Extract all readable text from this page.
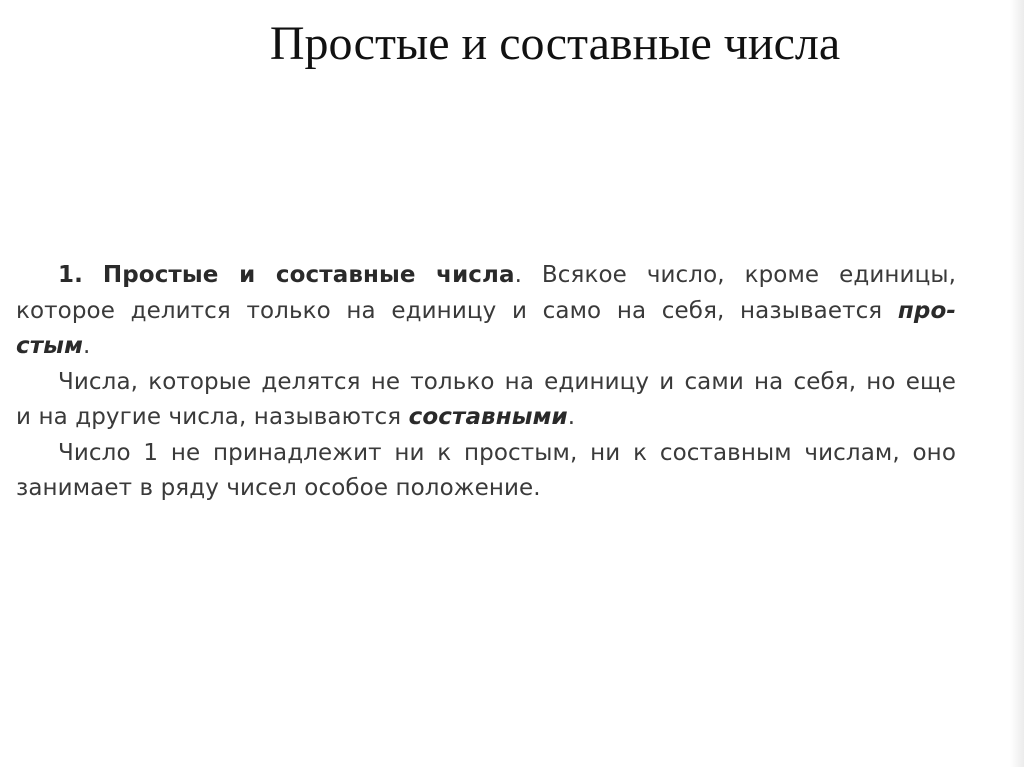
Простые и составные числа
1. Простые и составные числа. Всякое число, кроме единицы,
которое делится только на единицу и само на себя, называется про-
стым.
Числа, которые делятся не только на единицу и сами на себя, но еще
и на другие числа, называются составными.
Число 1 не принадлежит ни к простым, ни к составным числам, оно
занимает в ряду чисел особое положение.
